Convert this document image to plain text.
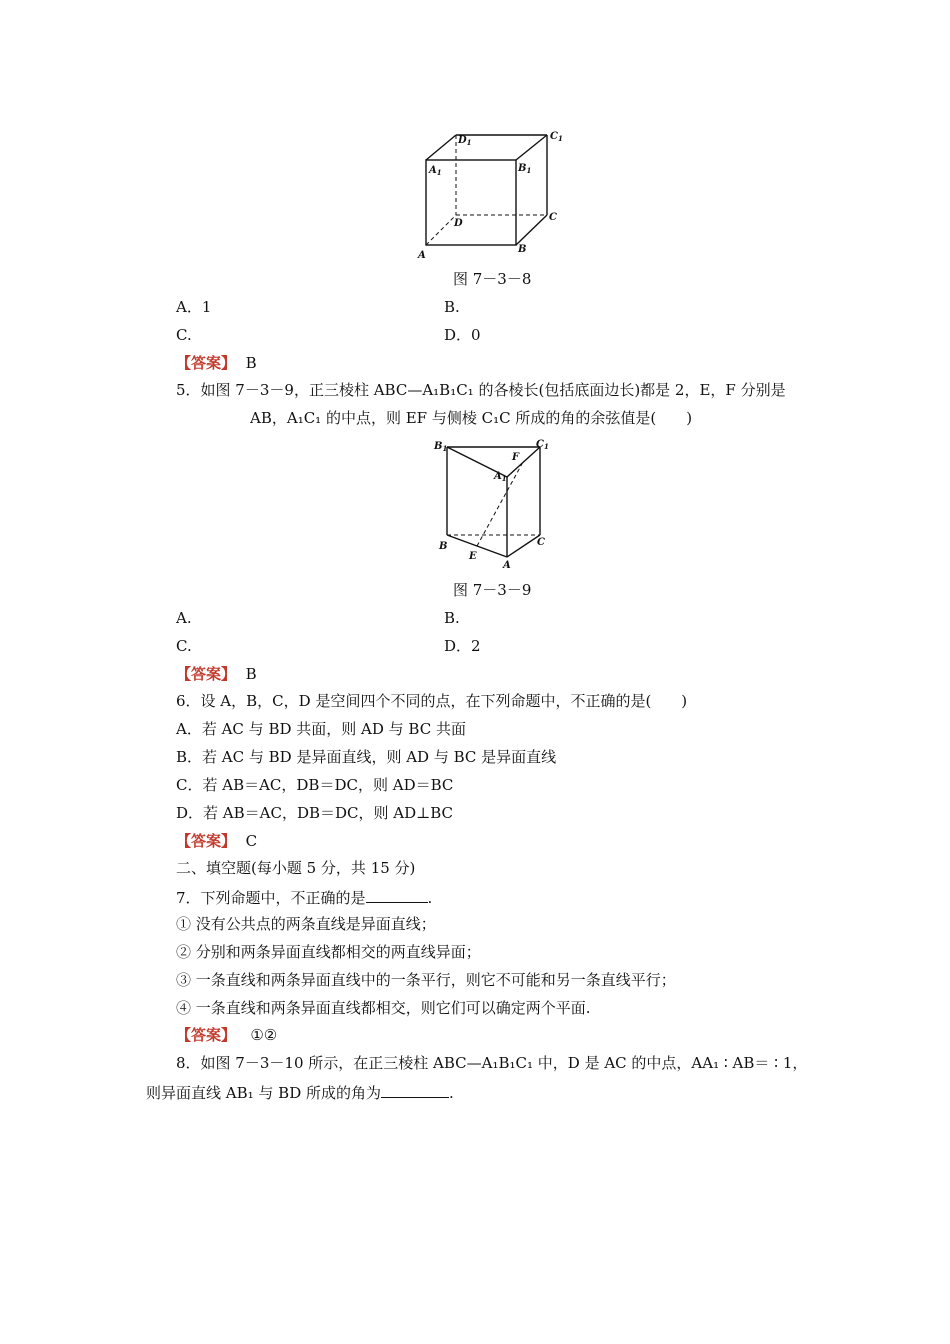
$D_1$
$C_1$
$A_1$	$B_1$
D
C
A
B
图 7－3－8
A．1	B.
C.	D．0
【答案】 B
5．如图 7－3－9，正三棱柱 ABC—A₁B₁C₁ 的各棱长(包括底面边长)都是 2，E，F 分别是
AB，A₁C₁ 的中点，则 EF 与侧棱 C₁C 所成的角的余弦值是(　　)
$B_1$	$C_1$
F
$A_1$
B	C
E
A
图 7－3－9
A.	B.
C.	D．2
【答案】 B
6．设 A，B，C，D 是空间四个不同的点，在下列命题中，不正确的是(　　)
A．若 AC 与 BD 共面，则 AD 与 BC 共面
B．若 AC 与 BD 是异面直线，则 AD 与 BC 是异面直线
C．若 AB＝AC，DB＝DC，则 AD＝BC
D．若 AB＝AC，DB＝DC，则 AD⊥BC
【答案】 C
二、填空题(每小题 5 分，共 15 分)
7．下列命题中，不正确的是	.
① 没有公共点的两条直线是异面直线；
② 分别和两条异面直线都相交的两直线异面；
③ 一条直线和两条异面直线中的一条平行，则它不可能和另一条直线平行；
④ 一条直线和两条异面直线都相交，则它们可以确定两个平面.
【答案】 ①②
8．如图 7－3－10 所示，在正三棱柱 ABC—A₁B₁C₁ 中，D 是 AC 的中点，AA₁ ∶ AB＝ ∶ 1，
则异面直线 AB₁ 与 BD 所成的角为	.
